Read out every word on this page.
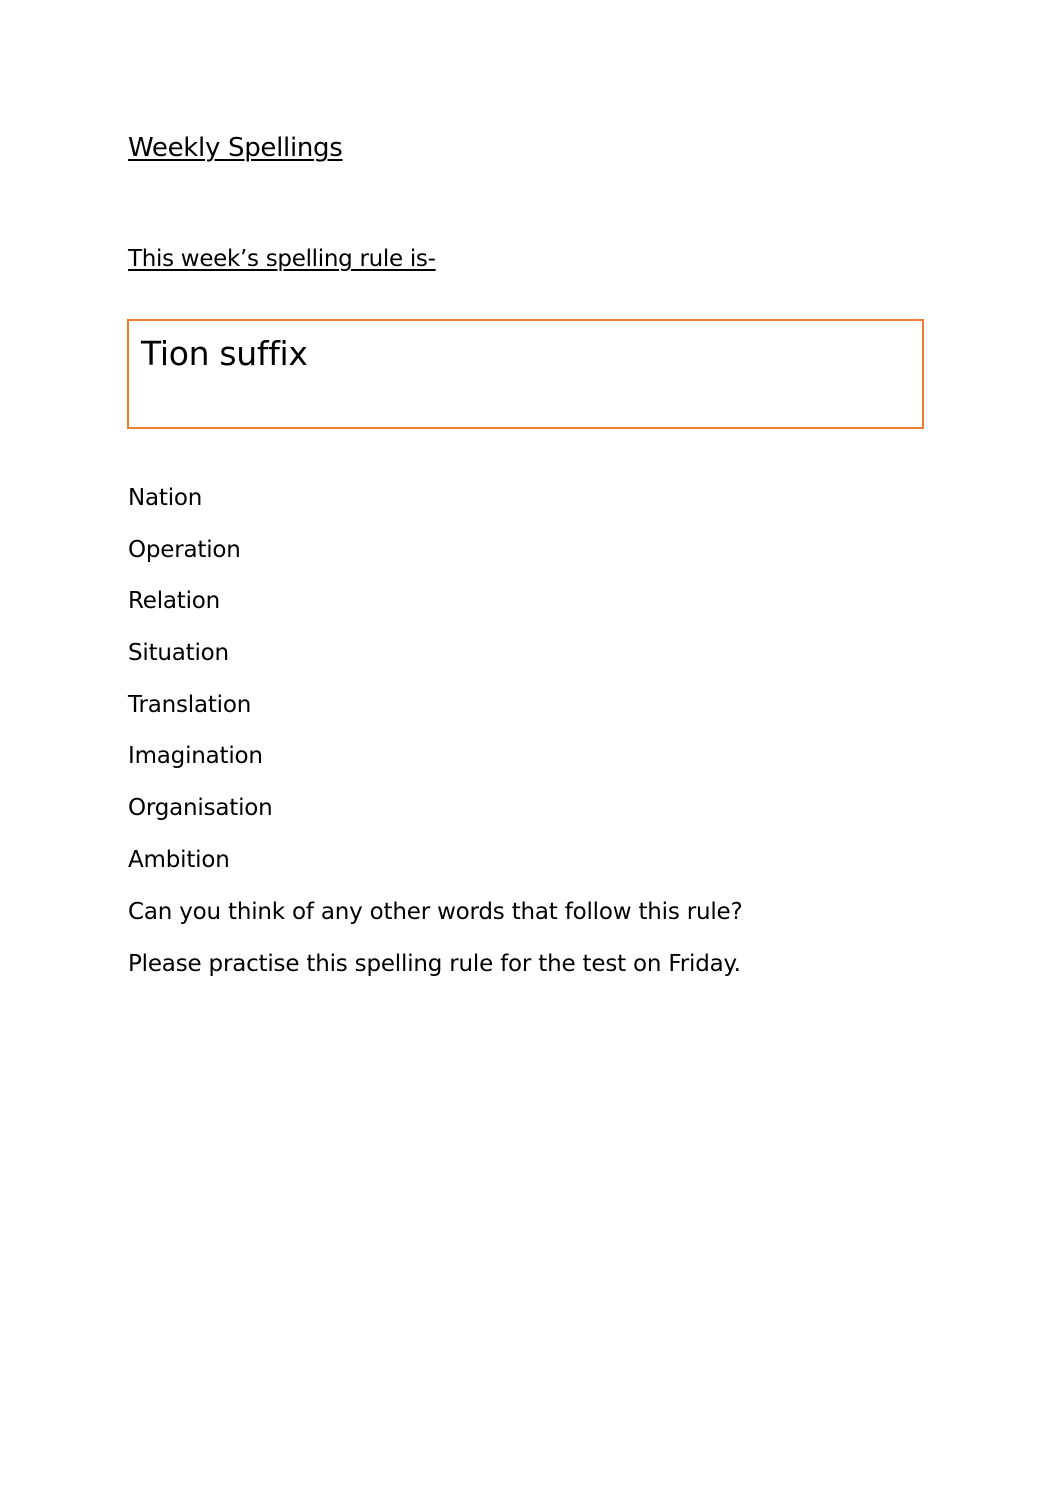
Weekly Spellings
This week’s spelling rule is-
Tion suffix
Nation
Operation
Relation
Situation
Translation
Imagination
Organisation
Ambition

Can you think of any other words that follow this rule?

Please practise this spelling rule for the test on Friday.
